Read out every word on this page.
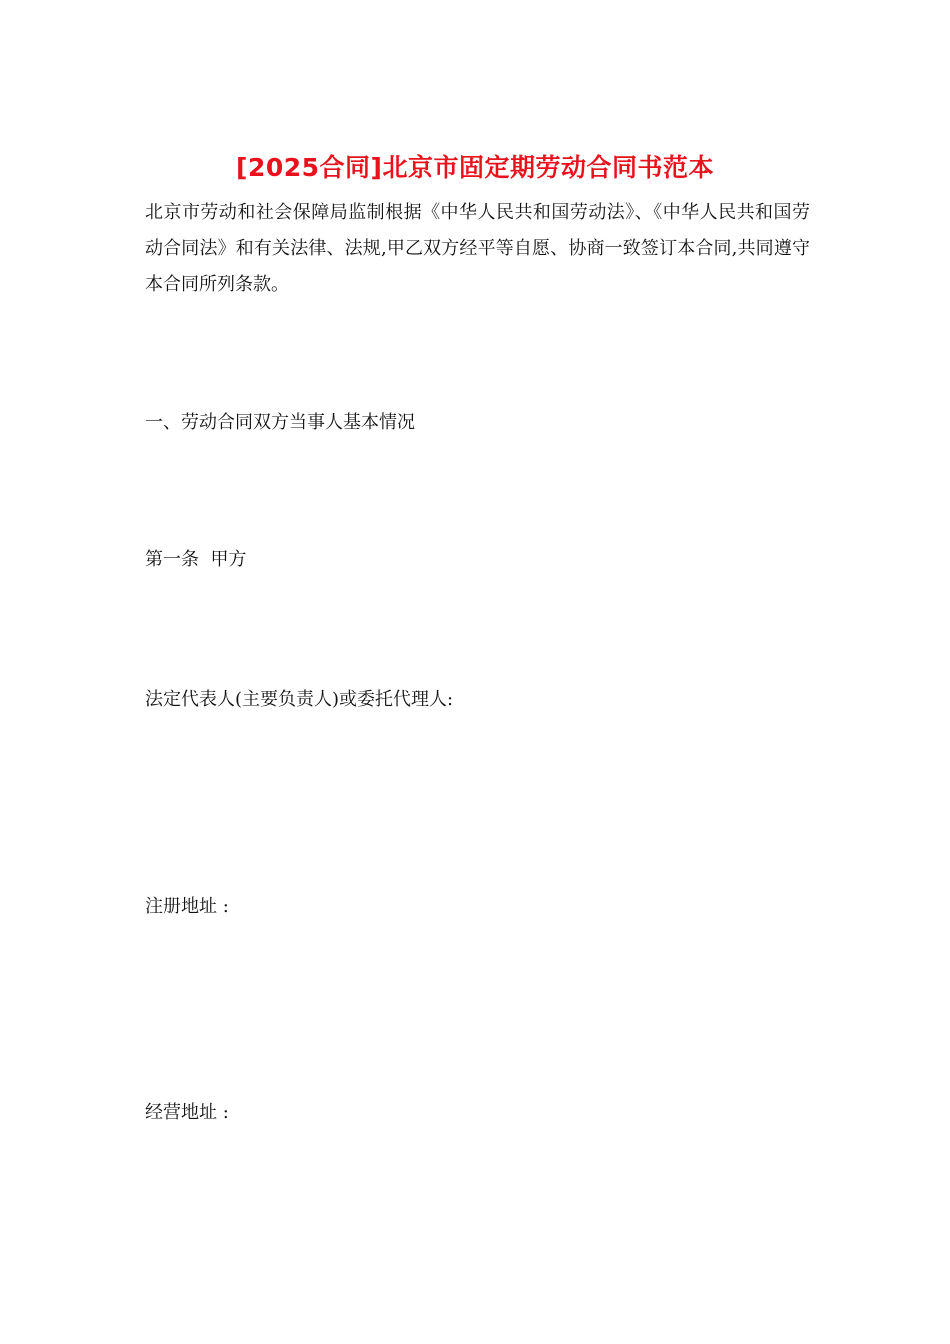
[2025合同]北京市固定期劳动合同书范本
北京市劳动和社会保障局监制根据《中华人民共和国劳动法》、《中华人民共和国劳动合同法》和有关法律、法规,甲乙双方经平等自愿、协商一致签订本合同,共同遵守本合同所列条款。
一、劳动合同双方当事人基本情况
第一条  甲方
法定代表人(主要负责人)或委托代理人:
注册地址 :
经营地址 :
